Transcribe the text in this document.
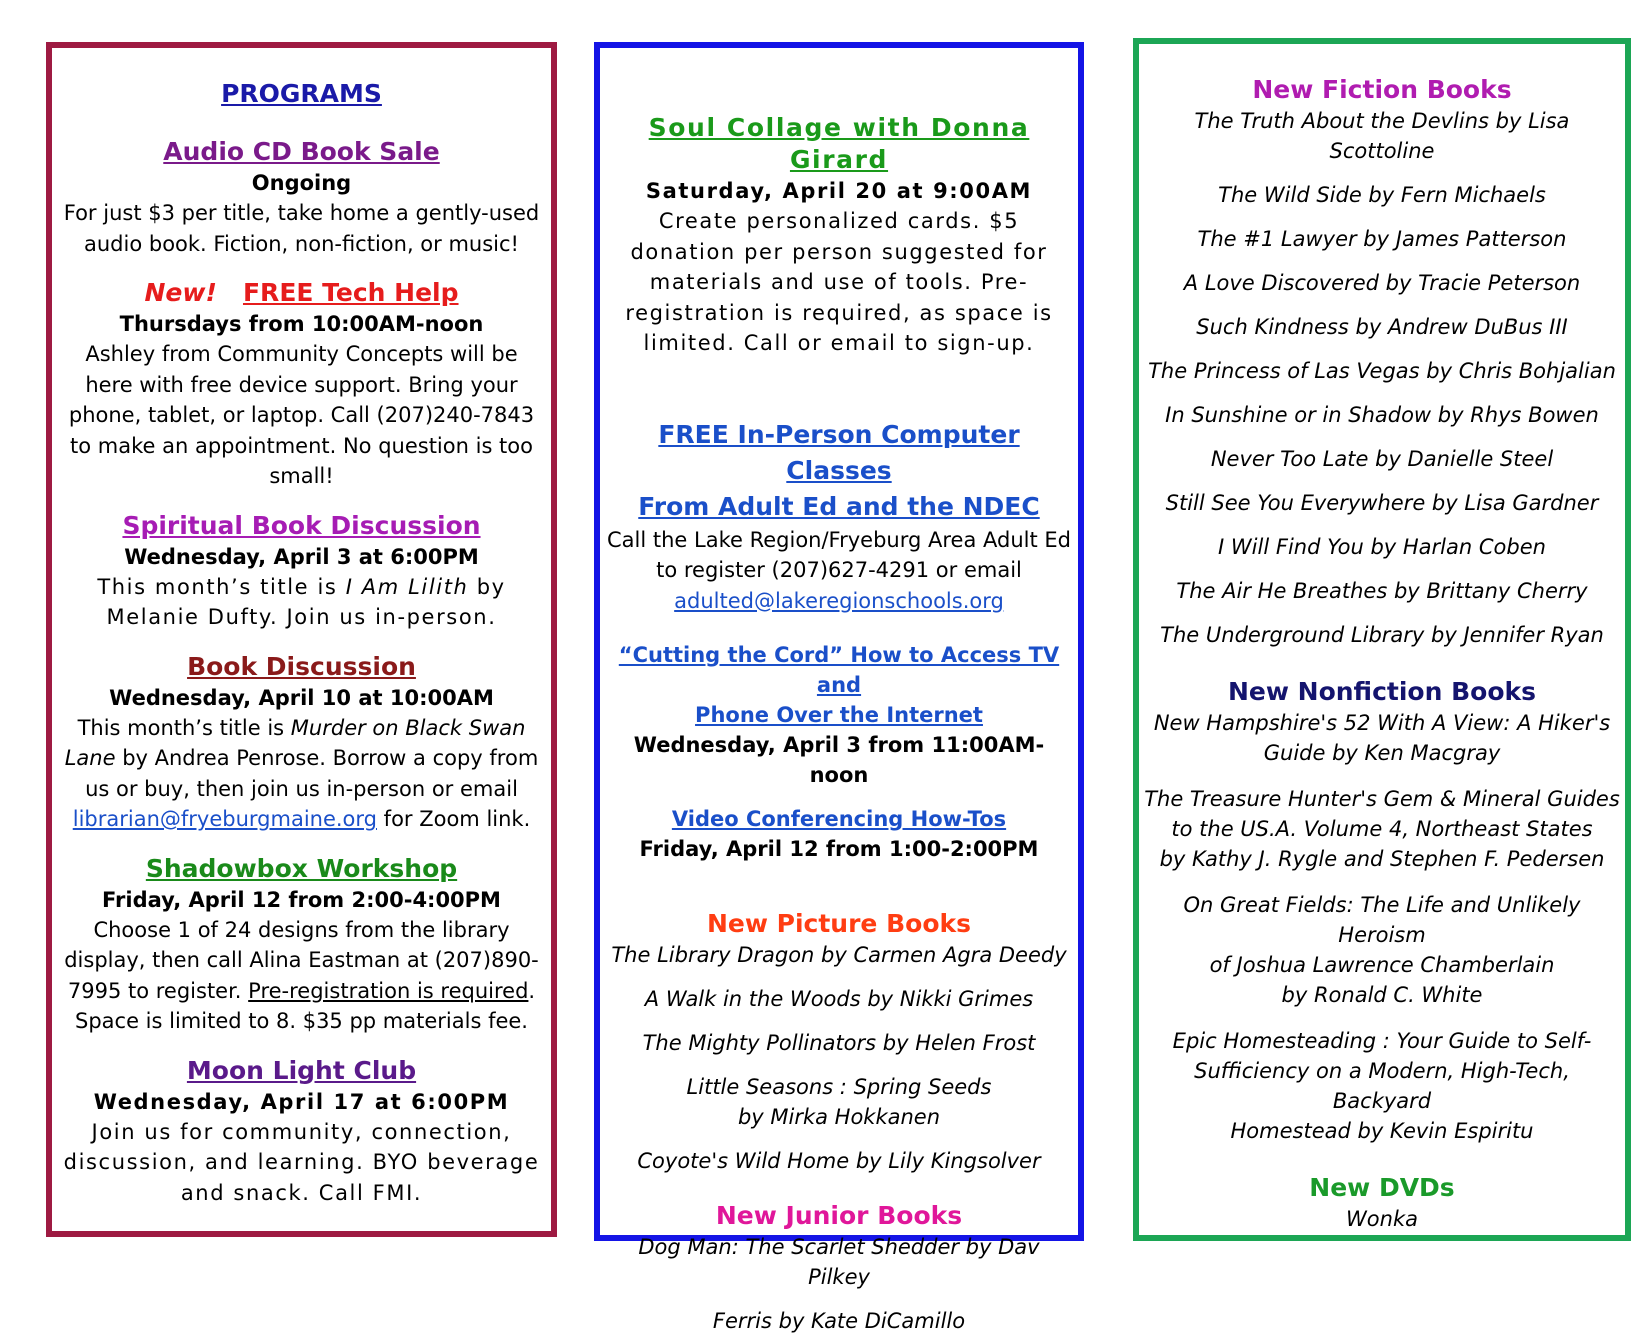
PROGRAMS
Audio CD Book Sale
Ongoing
For just $3 per title, take home a gently-used audio book. Fiction, non-fiction, or music!
New! FREE Tech Help
Thursdays from 10:00AM-noon
Ashley from Community Concepts will be here with free device support. Bring your phone, tablet, or laptop. Call (207)240-7843 to make an appointment. No question is too small!
Spiritual Book Discussion
Wednesday, April 3 at 6:00PM
This month’s title is I Am Lilith by Melanie Dufty. Join us in-person.
Book Discussion
Wednesday, April 10 at 10:00AM
This month’s title is Murder on Black Swan Lane by Andrea Penrose. Borrow a copy from us or buy, then join us in-person or email librarian@fryeburgmaine.org for Zoom link.
Shadowbox Workshop
Friday, April 12 from 2:00-4:00PM
Choose 1 of 24 designs from the library display, then call Alina Eastman at (207)890-7995 to register. Pre-registration is required. Space is limited to 8. $35 pp materials fee.
Moon Light Club
Wednesday, April 17 at 6:00PM
Join us for community, connection, discussion, and learning. BYO beverage and snack. Call FMI.
Soul Collage with Donna Girard
Saturday, April 20 at 9:00AM
Create personalized cards. $5 donation per person suggested for materials and use of tools. Pre-registration is required, as space is limited. Call or email to sign-up.
FREE In-Person Computer Classes
From Adult Ed and the NDEC
Call the Lake Region/Fryeburg Area Adult Ed to register (207)627-4291 or email
adulted@lakeregionschools.org
“Cutting the Cord” How to Access TV and
Phone Over the Internet
Wednesday, April 3 from 11:00AM-noon
Video Conferencing How-Tos
Friday, April 12 from 1:00-2:00PM
New Picture Books
The Library Dragon by Carmen Agra Deedy
A Walk in the Woods by Nikki Grimes
The Mighty Pollinators by Helen Frost
Little Seasons : Spring Seeds
by Mirka Hokkanen
Coyote's Wild Home by Lily Kingsolver
New Junior Books
Dog Man: The Scarlet Shedder by Dav Pilkey
Ferris by Kate DiCamillo
New Fiction Books
The Truth About the Devlins by Lisa Scottoline
The Wild Side by Fern Michaels
The #1 Lawyer by James Patterson
A Love Discovered by Tracie Peterson
Such Kindness by Andrew DuBus III
The Princess of Las Vegas by Chris Bohjalian
In Sunshine or in Shadow by Rhys Bowen
Never Too Late by Danielle Steel
Still See You Everywhere by Lisa Gardner
I Will Find You by Harlan Coben
The Air He Breathes by Brittany Cherry
The Underground Library by Jennifer Ryan
New Nonfiction Books
New Hampshire's 52 With A View: A Hiker's
Guide by Ken Macgray
The Treasure Hunter's Gem & Mineral Guides
to the US.A. Volume 4, Northeast States
by Kathy J. Rygle and Stephen F. Pedersen
On Great Fields: The Life and Unlikely Heroism
of Joshua Lawrence Chamberlain
by Ronald C. White
Epic Homesteading : Your Guide to Self-
Sufficiency on a Modern, High-Tech, Backyard
Homestead by Kevin Espiritu
New DVDs
Wonka
